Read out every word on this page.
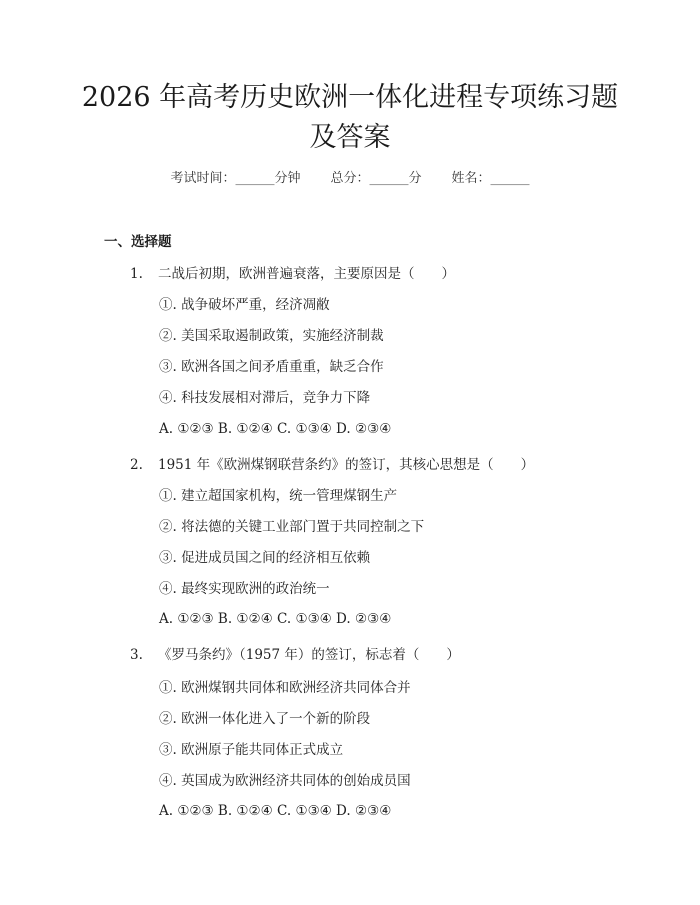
2026 年高考历史欧洲一体化进程专项练习题
及答案
考试时间：______分钟 总分：______分 姓名：______
一、选择题
1. 二战后初期，欧洲普遍衰落，主要原因是（　　）
①. 战争破坏严重，经济凋敝
②. 美国采取遏制政策，实施经济制裁
③. 欧洲各国之间矛盾重重，缺乏合作
④. 科技发展相对滞后，竞争力下降
A. ①②③ B. ①②④ C. ①③④ D. ②③④
2. 1951 年《欧洲煤钢联营条约》的签订，其核心思想是（　　）
①. 建立超国家机构，统一管理煤钢生产
②. 将法德的关键工业部门置于共同控制之下
③. 促进成员国之间的经济相互依赖
④. 最终实现欧洲的政治统一
A. ①②③ B. ①②④ C. ①③④ D. ②③④
3. 《罗马条约》（1957 年）的签订，标志着（　　）
①. 欧洲煤钢共同体和欧洲经济共同体合并
②. 欧洲一体化进入了一个新的阶段
③. 欧洲原子能共同体正式成立
④. 英国成为欧洲经济共同体的创始成员国
A. ①②③ B. ①②④ C. ①③④ D. ②③④
